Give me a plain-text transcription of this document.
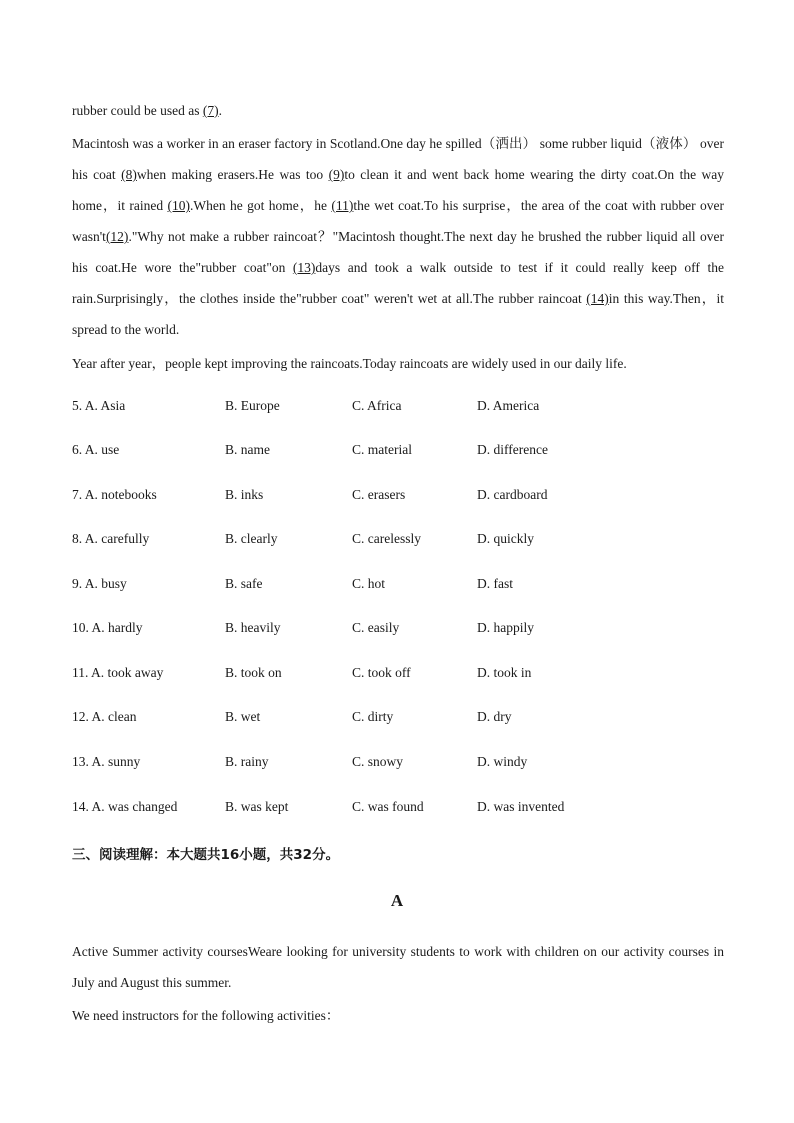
rubber could be used as (7).
Macintosh was a worker in an eraser factory in Scotland.One day he spilled（洒出） some rubber liquid（液体） over his coat (8)when making erasers.He was too (9)to clean it and went back home wearing the dirty coat.On the way home，it rained (10).When he got home，he (11)the wet coat.To his surprise，the area of the coat with rubber over wasn't(12)."Why not make a rubber raincoat？"Macintosh thought.The next day he brushed the rubber liquid all over his coat.He wore the"rubber coat"on (13)days and took a walk outside to test if it could really keep off the rain.Surprisingly，the clothes inside the"rubber coat" weren't wet at all.The rubber raincoat (14)in this way.Then，it spread to the world.
Year after year，people kept improving the raincoats.Today raincoats are widely used in our daily life.
5. A. Asia	B. Europe	C. Africa	D. America
6. A. use	B. name	C. material	D. difference
7. A. notebooks	B. inks	C. erasers	D. cardboard
8. A. carefully	B. clearly	C. carelessly	D. quickly
9. A. busy	B. safe	C. hot	D. fast
10. A. hardly	B. heavily	C. easily	D. happily
11. A. took away	B. took on	C. took off	D. took in
12. A. clean	B. wet	C. dirty	D. dry
13. A. sunny	B. rainy	C. snowy	D. windy
14. A. was changed	B. was kept	C. was found	D. was invented
三、阅读理解：本大题共16小题，共32分。
A
Active Summer activity coursesWeare looking for university students to work with children on our activity courses in July and August this summer.
We need instructors for the following activities：
